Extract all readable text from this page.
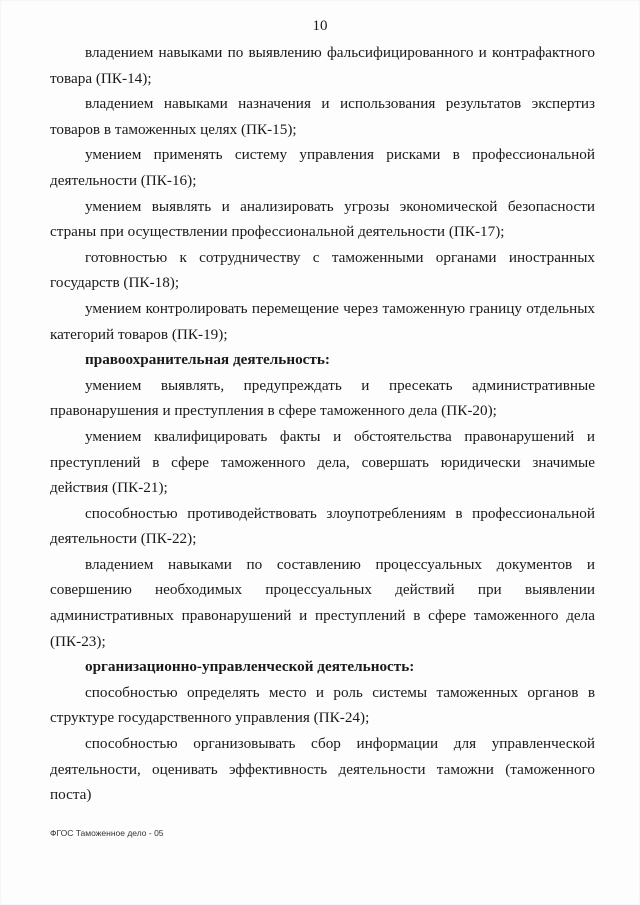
10

владением навыками по выявлению фальсифицированного и контрафактного товара (ПК-14);

владением навыками назначения и использования результатов экспертиз товаров в таможенных целях (ПК-15);

умением применять систему управления рисками в профессиональной деятельности (ПК-16);

умением выявлять и анализировать угрозы экономической безопасности страны при осуществлении профессиональной деятельности (ПК-17);

готовностью к сотрудничеству с таможенными органами иностранных государств (ПК-18);

умением контролировать перемещение через таможенную границу отдельных категорий товаров (ПК-19);

правоохранительная деятельность:

умением выявлять, предупреждать и пресекать административные правонарушения и преступления в сфере таможенного дела (ПК-20);

умением квалифицировать факты и обстоятельства правонарушений и преступлений в сфере таможенного дела, совершать юридически значимые действия (ПК-21);

способностью противодействовать злоупотреблениям в профессиональной деятельности (ПК-22);

владением навыками по составлению процессуальных документов и совершению необходимых процессуальных действий при выявлении административных правонарушений и преступлений в сфере таможенного дела (ПК-23);

организационно-управленческой деятельность:

способностью определять место и роль системы таможенных органов в структуре государственного управления (ПК-24);

способностью организовывать сбор информации для управленческой деятельности, оценивать эффективность деятельности таможни (таможенного поста)

ФГОС Таможенное дело - 05
